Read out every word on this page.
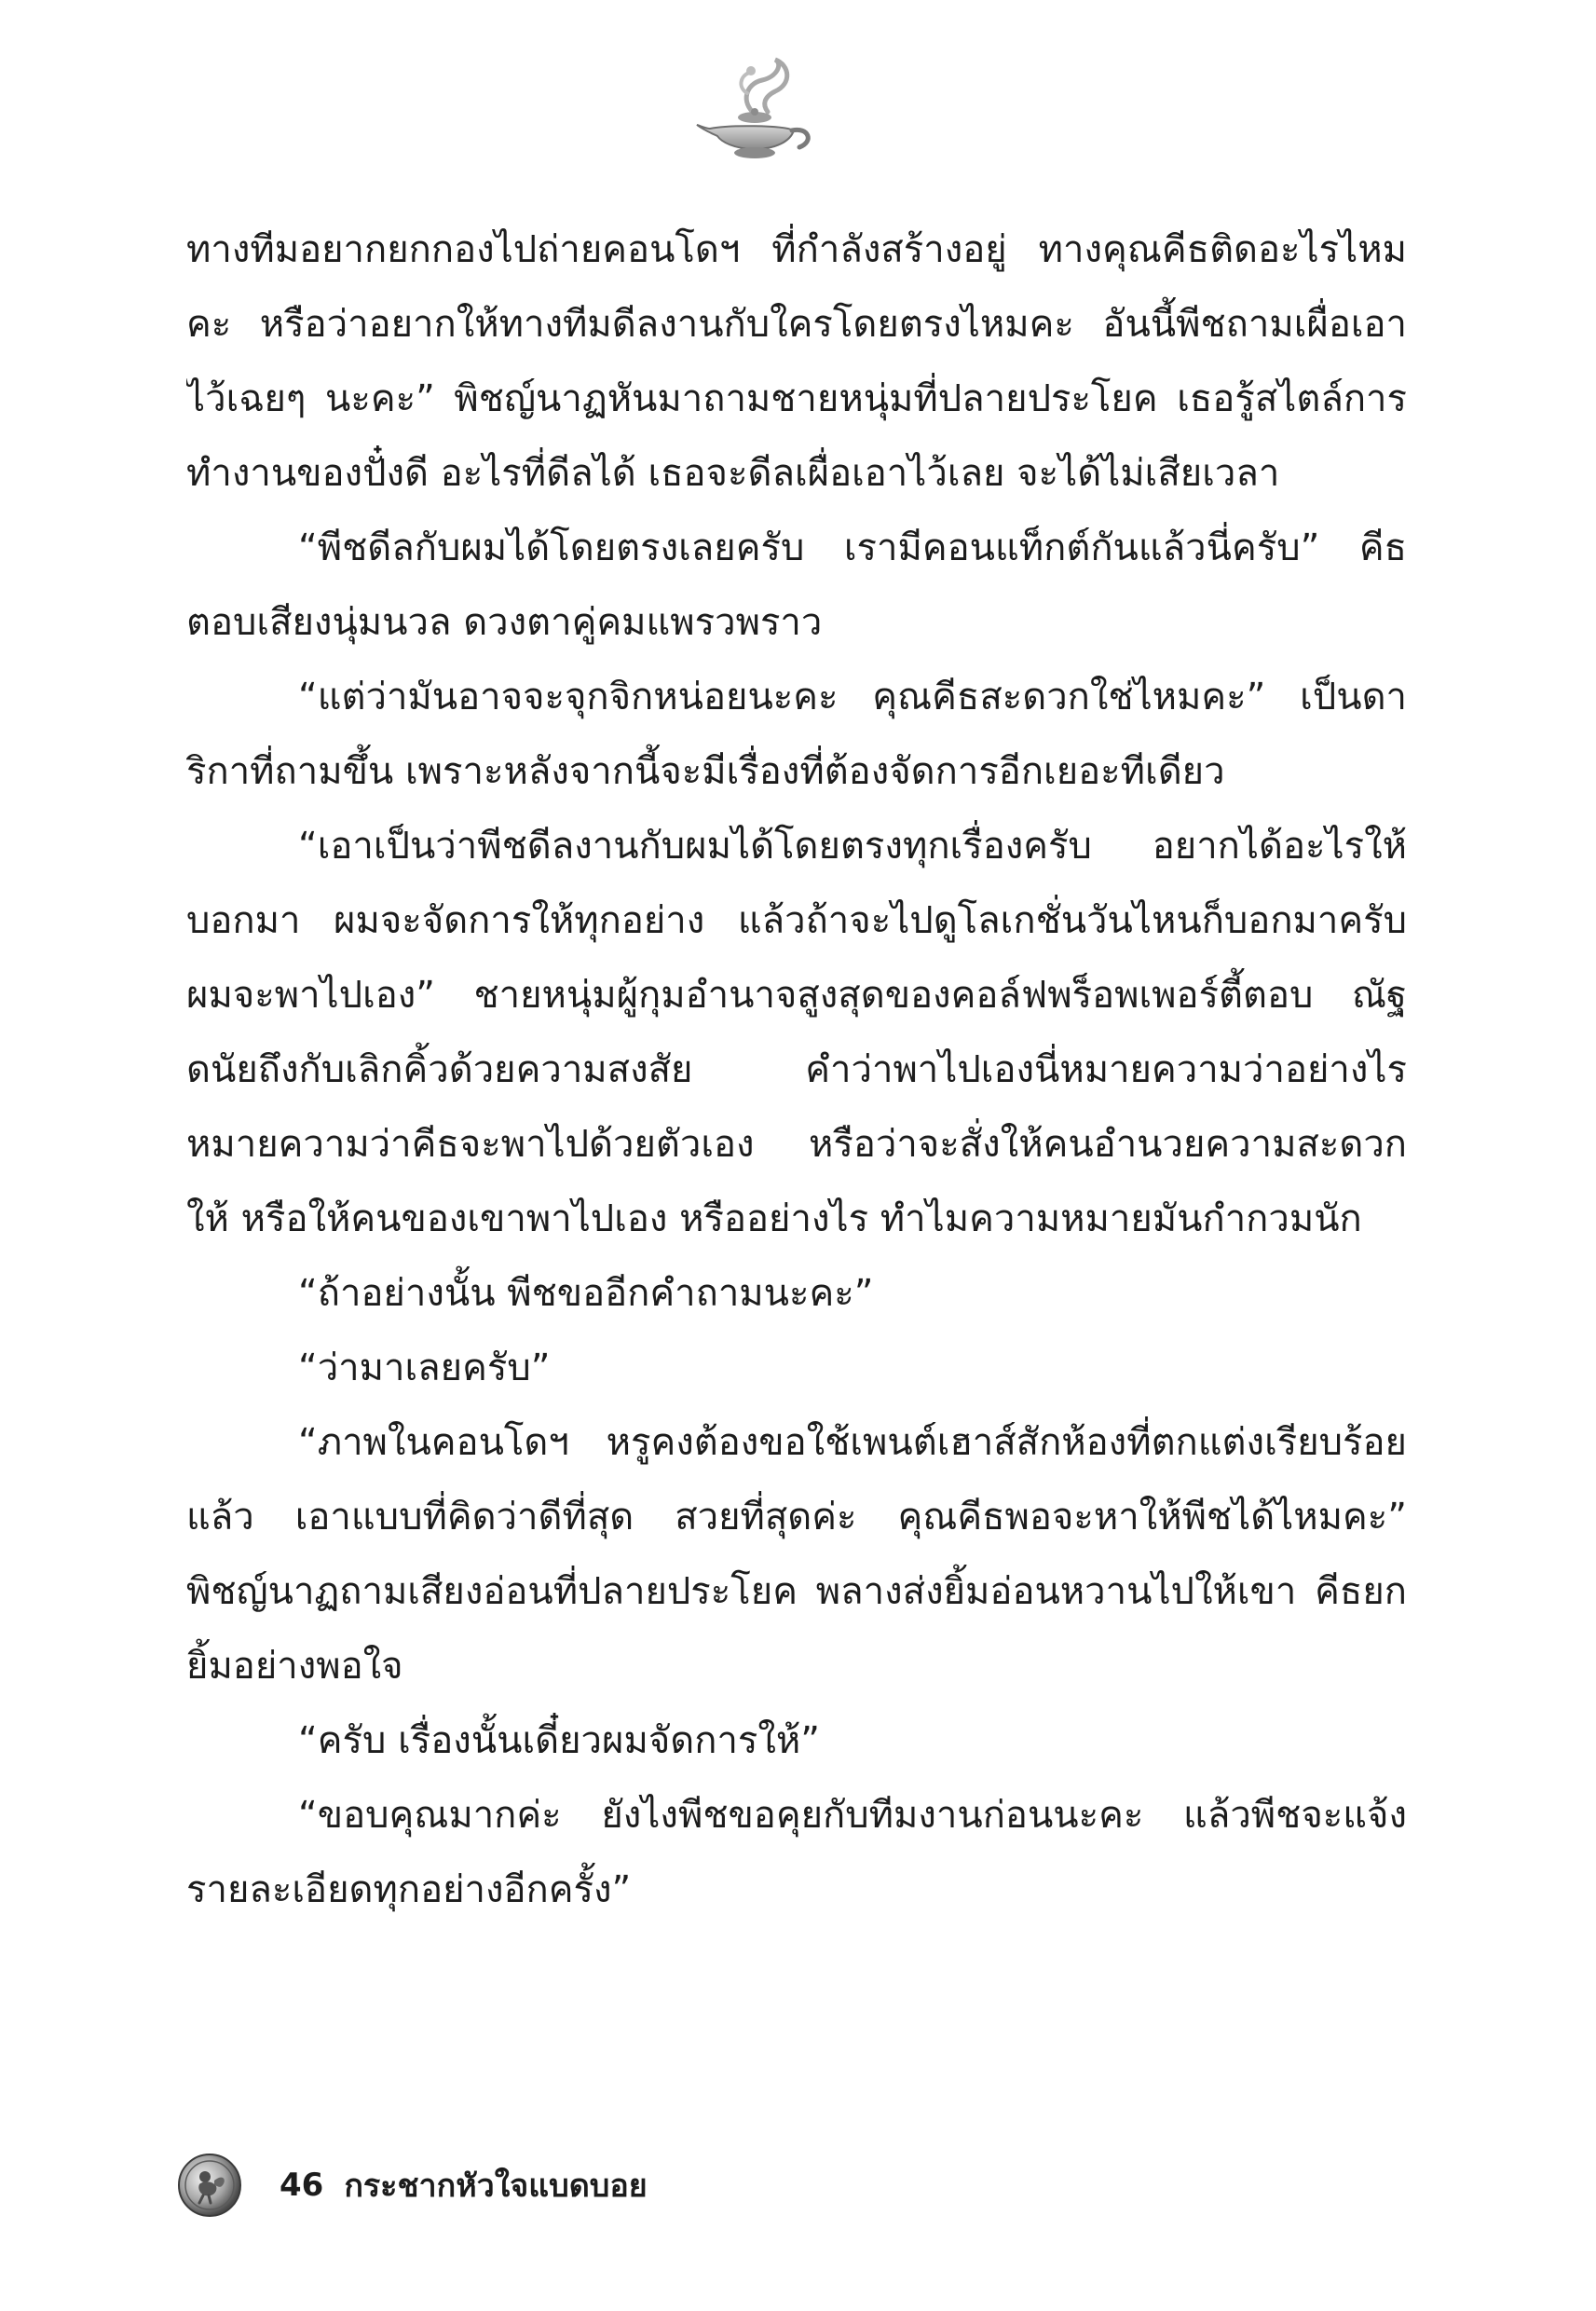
ทางทีมอยากยกกองไปถ่ายคอนโดฯ ที่กำลังสร้างอยู่ ทางคุณคีธติดอะไรไหมคะ หรือว่าอยากให้ทางทีมดีลงานกับใครโดยตรงไหมคะ อันนี้พีชถามเผื่อเอาไว้เฉยๆ นะคะ” พิชญ์นาฏหันมาถามชายหนุ่มที่ปลายประโยค เธอรู้สไตล์การทำงานของปั๋งดี อะไรที่ดีลได้ เธอจะดีลเผื่อเอาไว้เลย จะได้ไม่เสียเวลา

“พีชดีลกับผมได้โดยตรงเลยครับ เรามีคอนแท็กต์กันแล้วนี่ครับ” คีธตอบเสียงนุ่มนวล ดวงตาคู่คมแพรวพราว

“แต่ว่ามันอาจจะจุกจิกหน่อยนะคะ คุณคีธสะดวกใช่ไหมคะ” เป็นดาริกาที่ถามขึ้น เพราะหลังจากนี้จะมีเรื่องที่ต้องจัดการอีกเยอะทีเดียว

“เอาเป็นว่าพีชดีลงานกับผมได้โดยตรงทุกเรื่องครับ อยากได้อะไรให้บอกมา ผมจะจัดการให้ทุกอย่าง แล้วถ้าจะไปดูโลเกชั่นวันไหนก็บอกมาครับ ผมจะพาไปเอง” ชายหนุ่มผู้กุมอำนาจสูงสุดของคอล์ฟพร็อพเพอร์ตี้ตอบ ณัฐดนัยถึงกับเลิกคิ้วด้วยความสงสัย คำว่าพาไปเองนี่หมายความว่าอย่างไร หมายความว่าคีธจะพาไปด้วยตัวเอง หรือว่าจะสั่งให้คนอำนวยความสะดวกให้ หรือให้คนของเขาพาไปเอง หรืออย่างไร ทำไมความหมายมันกำกวมนัก

“ถ้าอย่างนั้น พีชขออีกคำถามนะคะ”

“ว่ามาเลยครับ”

“ภาพในคอนโดฯ หรูคงต้องขอใช้เพนต์เฮาส์สักห้องที่ตกแต่งเรียบร้อยแล้ว เอาแบบที่คิดว่าดีที่สุด สวยที่สุดค่ะ คุณคีธพอจะหาให้พีชได้ไหมคะ” พิชญ์นาฏถามเสียงอ่อนที่ปลายประโยค พลางส่งยิ้มอ่อนหวานไปให้เขา คีธยกยิ้มอย่างพอใจ

“ครับ เรื่องนั้นเดี๋ยวผมจัดการให้”

“ขอบคุณมากค่ะ ยังไงพีชขอคุยกับทีมงานก่อนนะคะ แล้วพีชจะแจ้งรายละเอียดทุกอย่างอีกครั้ง”

46 กระชากหัวใจแบดบอย
